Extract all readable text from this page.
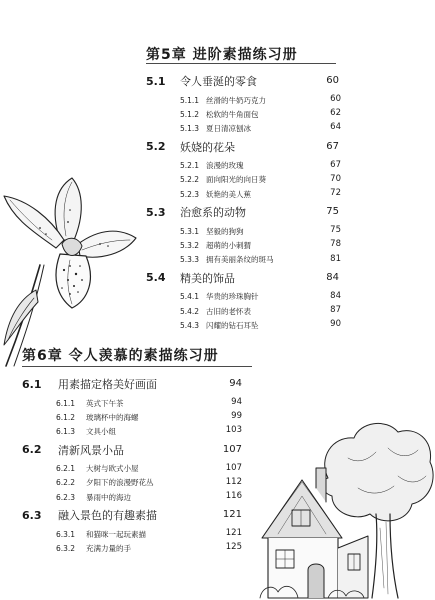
第5章 进阶素描练习册
5.1	令人垂涎的零食	60
5.1.1 丝滑的牛奶巧克力	60
5.1.2 松软的牛角面包	62
5.1.3 夏日清凉刨冰	64
5.2	妖娆的花朵	67
5.2.1 浪漫的玫瑰	67
5.2.2 面向阳光的向日葵	70
5.2.3 妖艳的美人蕉	72
5.3	治愈系的动物	75
5.3.1 坚毅的狗狗	75
5.3.2 超萌的小刺猬	78
5.3.3 拥有美丽条纹的斑马	81
5.4	精美的饰品	84
5.4.1 华贵的珍珠胸针	84
5.4.2 古旧的老怀表	87
5.4.3 闪耀的钻石耳坠	90
第6章 令人羡慕的素描练习册
6.1	用素描定格美好画面	94
6.1.1	英式下午茶	94
6.1.2	玻璃杯中的海螺	99
6.1.3	文具小组	103
6.2	清新风景小品	107
6.2.1	大树与欧式小屋	107
6.2.2	夕阳下的浪漫野花丛	112
6.2.3	暴雨中的海边	116
6.3	融入景色的有趣素描	121
6.3.1	和猫咪一起玩素描	121
6.3.2	充满力量的手	125
